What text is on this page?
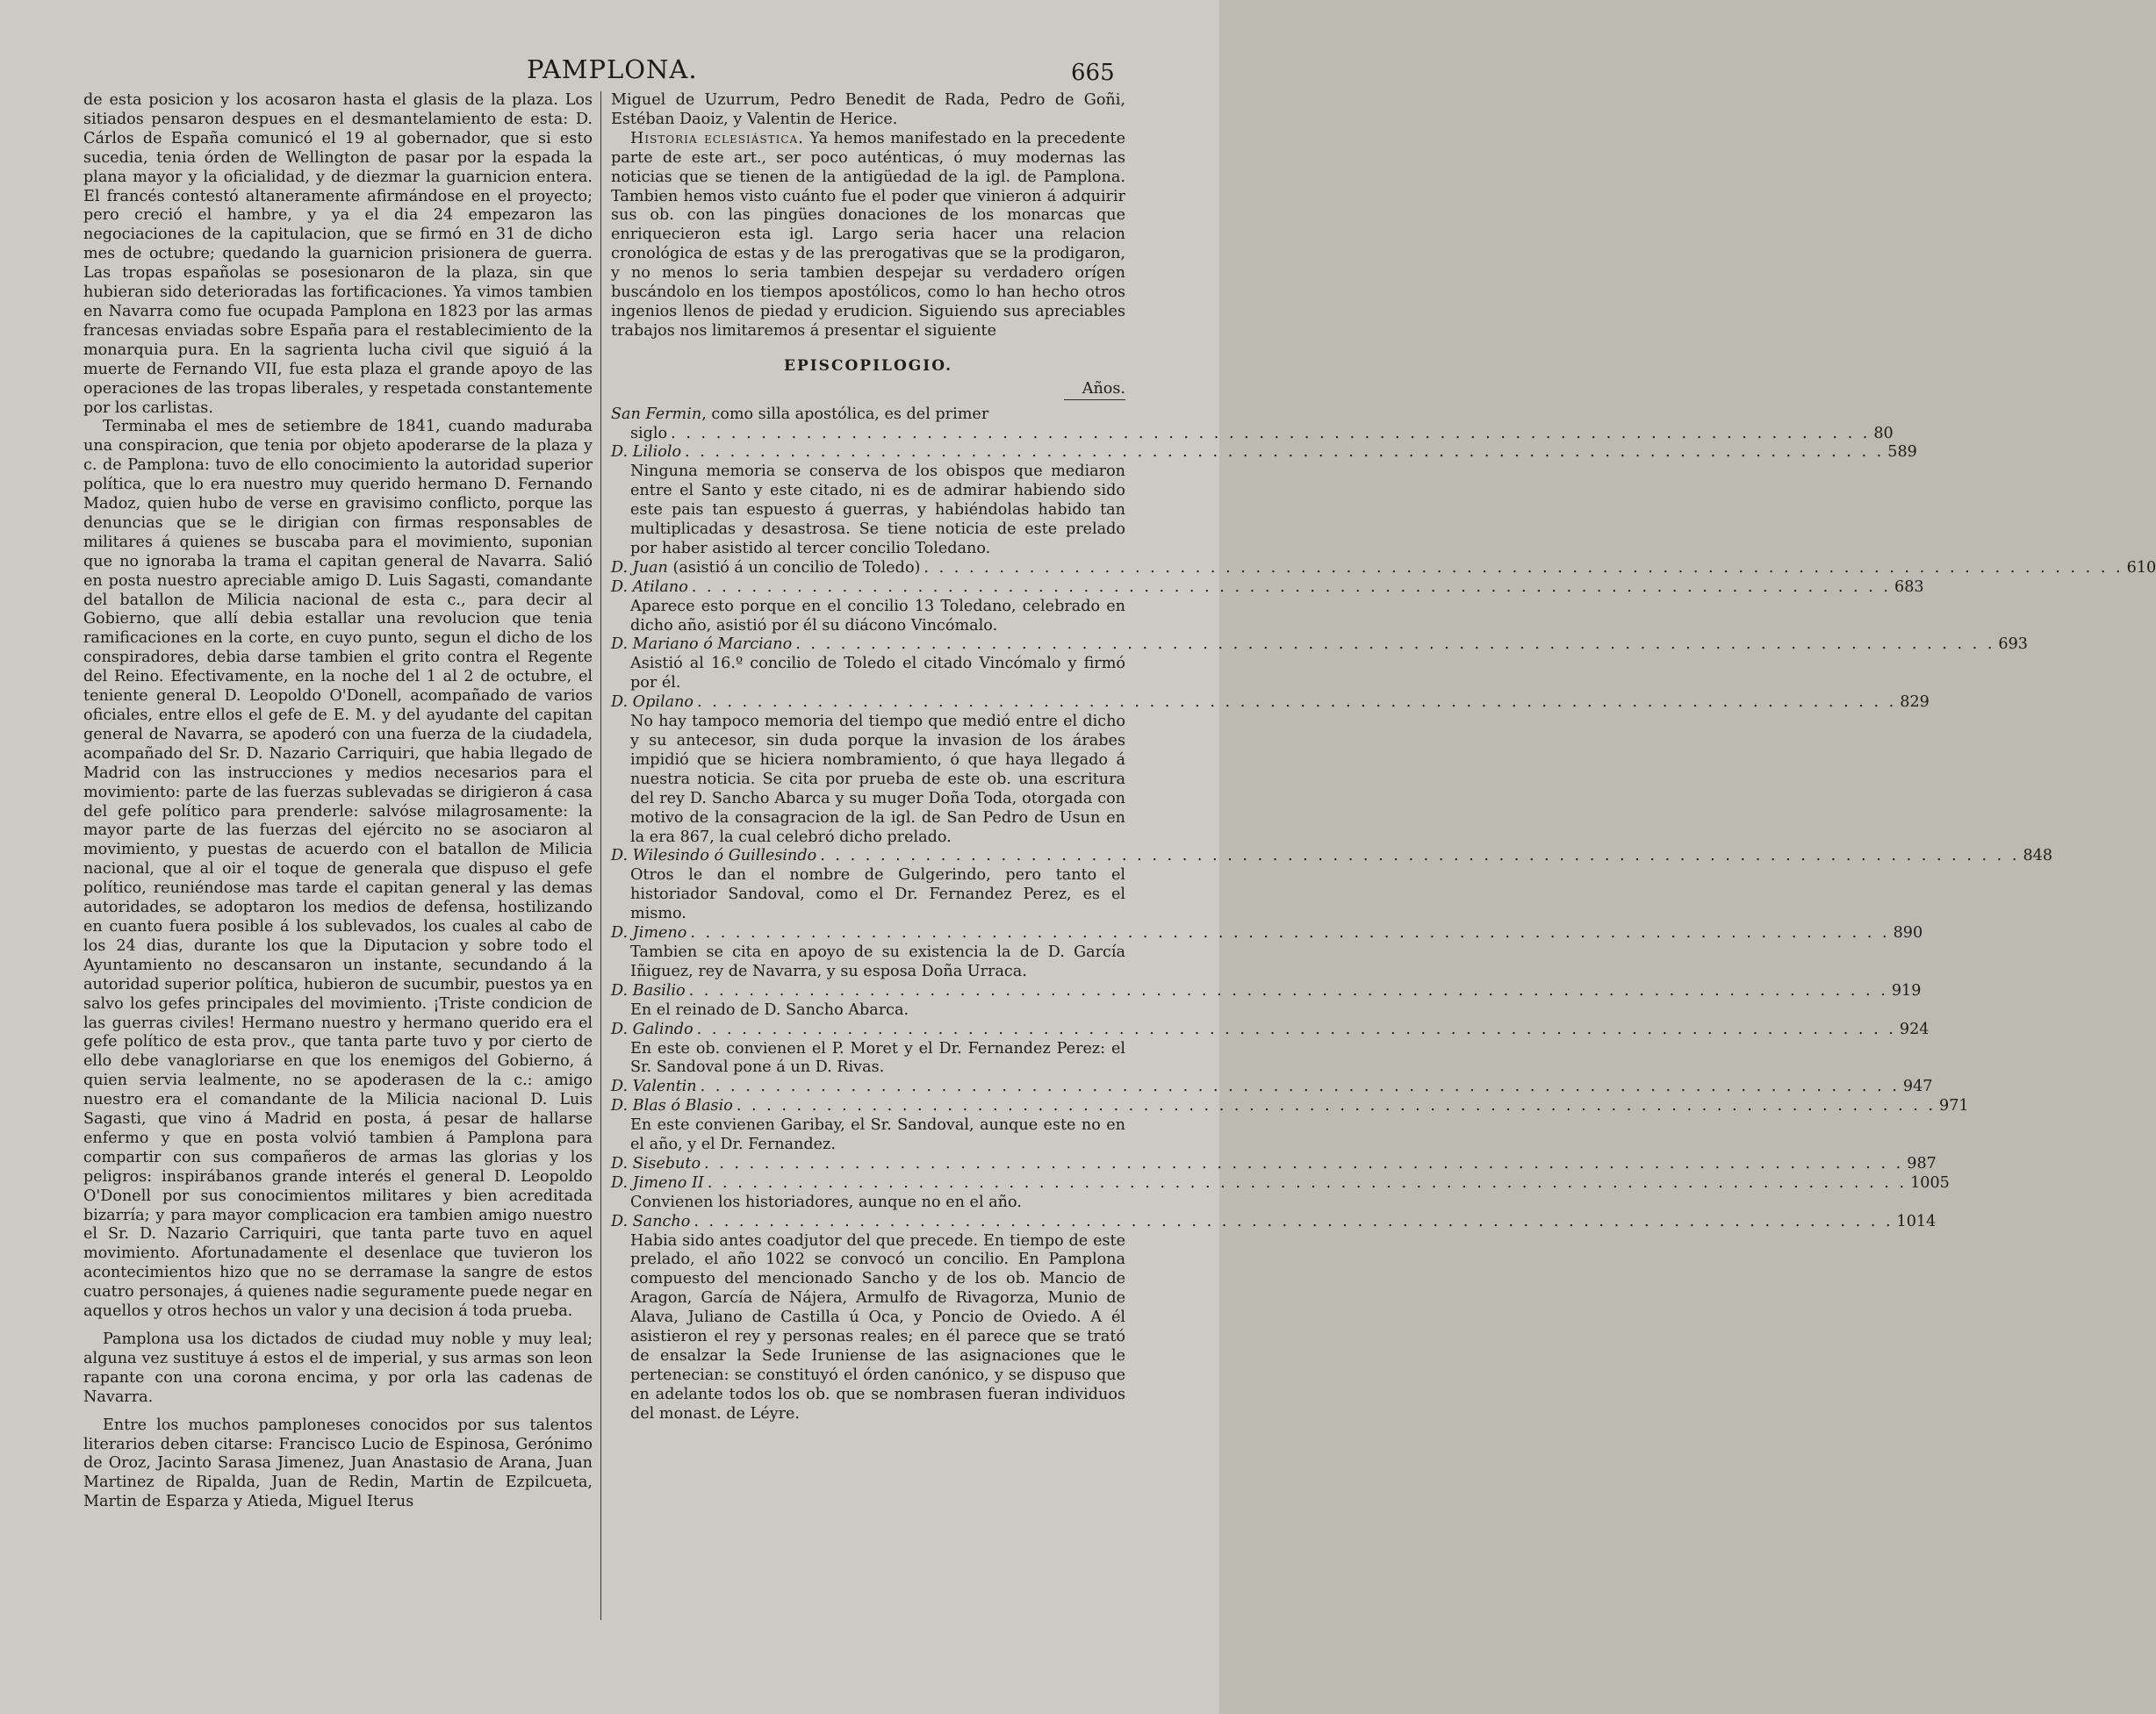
PAMPLONA.	665

de esta posicion y los acosaron hasta el glasis de la plaza. Los sitiados pensaron despues en el desmantelamiento de esta: D. Cárlos de España comunicó el 19 al gobernador, que si esto sucedia, tenia órden de Wellington de pasar por la espada la plana mayor y la oficialidad, y de diezmar la guarnicion entera. El francés contestó altaneramente afirmándose en el proyecto; pero creció el hambre, y ya el dia 24 empezaron las negociaciones de la capitulacion, que se firmó en 31 de dicho mes de octubre; quedando la guarnicion prisionera de guerra. Las tropas españolas se posesionaron de la plaza, sin que hubieran sido deterioradas las fortificaciones. Ya vimos tambien en Navarra como fue ocupada Pamplona en 1823 por las armas francesas enviadas sobre España para el restablecimiento de la monarquia pura. En la sagrienta lucha civil que siguió á la muerte de Fernando VII, fue esta plaza el grande apoyo de las operaciones de las tropas liberales, y respetada constantemente por los carlistas.

Terminaba el mes de setiembre de 1841, cuando maduraba una conspiracion, que tenia por objeto apoderarse de la plaza y c. de Pamplona: tuvo de ello conocimiento la autoridad superior política, que lo era nuestro muy querido hermano D. Fernando Madoz, quien hubo de verse en gravisimo conflicto, porque las denuncias que se le dirigian con firmas responsables de militares á quienes se buscaba para el movimiento, suponian que no ignoraba la trama el capitan general de Navarra. Salió en posta nuestro apreciable amigo D. Luis Sagasti, comandante del batallon de Milicia nacional de esta c., para decir al Gobierno, que allí debia estallar una revolucion que tenia ramificaciones en la corte, en cuyo punto, segun el dicho de los conspiradores, debia darse tambien el grito contra el Regente del Reino. Efectivamente, en la noche del 1 al 2 de octubre, el teniente general D. Leopoldo O'Donell, acompañado de varios oficiales, entre ellos el gefe de E. M. y del ayudante del capitan general de Navarra, se apoderó con una fuerza de la ciudadela, acompañado del Sr. D. Nazario Carriquiri, que habia llegado de Madrid con las instrucciones y medios necesarios para el movimiento: parte de las fuerzas sublevadas se dirigieron á casa del gefe político para prenderle: salvóse milagrosamente: la mayor parte de las fuerzas del ejército no se asociaron al movimiento, y puestas de acuerdo con el batallon de Milicia nacional, que al oir el toque de generala que dispuso el gefe político, reuniéndose mas tarde el capitan general y las demas autoridades, se adoptaron los medios de defensa, hostilizando en cuanto fuera posible á los sublevados, los cuales al cabo de los 24 dias, durante los que la Diputacion y sobre todo el Ayuntamiento no descansaron un instante, secundando á la autoridad superior política, hubieron de sucumbir, puestos ya en salvo los gefes principales del movimiento. ¡Triste condicion de las guerras civiles! Hermano nuestro y hermano querido era el gefe político de esta prov., que tanta parte tuvo y por cierto de ello debe vanagloriarse en que los enemigos del Gobierno, á quien servia lealmente, no se apoderasen de la c.: amigo nuestro era el comandante de la Milicia nacional D. Luis Sagasti, que vino á Madrid en posta, á pesar de hallarse enfermo y que en posta volvió tambien á Pamplona para compartir con sus compañeros de armas las glorias y los peligros: inspirábanos grande interés el general D. Leopoldo O'Donell por sus conocimientos militares y bien acreditada bizarría; y para mayor complicacion era tambien amigo nuestro el Sr. D. Nazario Carriquiri, que tanta parte tuvo en aquel movimiento. Afortunadamente el desenlace que tuvieron los acontecimientos hizo que no se derramase la sangre de estos cuatro personajes, á quienes nadie seguramente puede negar en aquellos y otros hechos un valor y una decision á toda prueba.

Pamplona usa los dictados de ciudad muy noble y muy leal; alguna vez sustituye á estos el de imperial, y sus armas son leon rapante con una corona encima, y por orla las cadenas de Navarra.

Entre los muchos pamploneses conocidos por sus talentos literarios deben citarse: Francisco Lucio de Espinosa, Gerónimo de Oroz, Jacinto Sarasa Jimenez, Juan Anastasio de Arana, Juan Martinez de Ripalda, Juan de Redin, Martin de Ezpilcueta, Martin de Esparza y Atieda, Miguel Iterus

Miguel de Uzurrum, Pedro Benedit de Rada, Pedro de Goñi, Estéban Daoiz, y Valentin de Herice.

Historia eclesiástica. Ya hemos manifestado en la precedente parte de este art., ser poco auténticas, ó muy modernas las noticias que se tienen de la antigüedad de la igl. de Pamplona. Tambien hemos visto cuánto fue el poder que vinieron á adquirir sus ob. con las pingües donaciones de los monarcas que enriquecieron esta igl. Largo seria hacer una relacion cronológica de estas y de las prerogativas que se la prodigaron, y no menos lo seria tambien despejar su verdadero orígen buscándolo en los tiempos apostólicos, como lo han hecho otros ingenios llenos de piedad y erudicion. Siguiendo sus apreciables trabajos nos limitaremos á presentar el siguiente

EPISCOPILOGIO.
Años.
San Fermin, como silla apostólica, es del primer
siglo . . . . . . . . . . . . . . . . . . . . . . . . . . . . . . . . . . . . . . . . . . . . . . . . . . . . . . . . . . . . . . . . . . . . . . . . . . . . . . . . 80
D. Liliolo . . . . . . . . . . . . . . . . . . . . . . . . . . . . . . . . . . . . . . . . . . . . . . . . . . . . . . . . . . . . . . . . . . . . . . . . . . . . . . . . 589
Ninguna memoria se conserva de los obispos que mediaron entre el Santo y este citado, ni es de admirar habiendo sido este pais tan espuesto á guerras, y habiéndolas habido tan multiplicadas y desastrosa. Se tiene noticia de este prelado por haber asistido al tercer concilio Toledano.
D. Juan (asistió á un concilio de Toledo) . . . . . . . . . . . . . . . . . . . . . . . . . . . . . . . . . . . . . . . . . . . . . . . . . . . . . . . . . . . . . . . . . . . . . . . . . . . . . . . . 610
D. Atilano . . . . . . . . . . . . . . . . . . . . . . . . . . . . . . . . . . . . . . . . . . . . . . . . . . . . . . . . . . . . . . . . . . . . . . . . . . . . . . . . 683
Aparece esto porque en el concilio 13 Toledano, celebrado en dicho año, asistió por él su diácono Vincómalo.
D. Mariano ó Marciano . . . . . . . . . . . . . . . . . . . . . . . . . . . . . . . . . . . . . . . . . . . . . . . . . . . . . . . . . . . . . . . . . . . . . . . . . . . . . . . . 693
Asistió al 16.º concilio de Toledo el citado Vincómalo y firmó por él.
D. Opilano . . . . . . . . . . . . . . . . . . . . . . . . . . . . . . . . . . . . . . . . . . . . . . . . . . . . . . . . . . . . . . . . . . . . . . . . . . . . . . . . 829
No hay tampoco memoria del tiempo que medió entre el dicho y su antecesor, sin duda porque la invasion de los árabes impidió que se hiciera nombramiento, ó que haya llegado á nuestra noticia. Se cita por prueba de este ob. una escritura del rey D. Sancho Abarca y su muger Doña Toda, otorgada con motivo de la consagracion de la igl. de San Pedro de Usun en la era 867, la cual celebró dicho prelado.
D. Wilesindo ó Guillesindo . . . . . . . . . . . . . . . . . . . . . . . . . . . . . . . . . . . . . . . . . . . . . . . . . . . . . . . . . . . . . . . . . . . . . . . . . . . . . . . . 848
Otros le dan el nombre de Gulgerindo, pero tanto el historiador Sandoval, como el Dr. Fernandez Perez, es el mismo.
D. Jimeno . . . . . . . . . . . . . . . . . . . . . . . . . . . . . . . . . . . . . . . . . . . . . . . . . . . . . . . . . . . . . . . . . . . . . . . . . . . . . . . . 890
Tambien se cita en apoyo de su existencia la de D. García Iñiguez, rey de Navarra, y su esposa Doña Urraca.
D. Basilio . . . . . . . . . . . . . . . . . . . . . . . . . . . . . . . . . . . . . . . . . . . . . . . . . . . . . . . . . . . . . . . . . . . . . . . . . . . . . . . . 919
En el reinado de D. Sancho Abarca.
D. Galindo . . . . . . . . . . . . . . . . . . . . . . . . . . . . . . . . . . . . . . . . . . . . . . . . . . . . . . . . . . . . . . . . . . . . . . . . . . . . . . . . 924
En este ob. convienen el P. Moret y el Dr. Fernandez Perez: el Sr. Sandoval pone á un D. Rivas.
D. Valentin . . . . . . . . . . . . . . . . . . . . . . . . . . . . . . . . . . . . . . . . . . . . . . . . . . . . . . . . . . . . . . . . . . . . . . . . . . . . . . . . 947
D. Blas ó Blasio . . . . . . . . . . . . . . . . . . . . . . . . . . . . . . . . . . . . . . . . . . . . . . . . . . . . . . . . . . . . . . . . . . . . . . . . . . . . . . . . 971
En este convienen Garibay, el Sr. Sandoval, aunque este no en el año, y el Dr. Fernandez.
D. Sisebuto . . . . . . . . . . . . . . . . . . . . . . . . . . . . . . . . . . . . . . . . . . . . . . . . . . . . . . . . . . . . . . . . . . . . . . . . . . . . . . . . 987
D. Jimeno II . . . . . . . . . . . . . . . . . . . . . . . . . . . . . . . . . . . . . . . . . . . . . . . . . . . . . . . . . . . . . . . . . . . . . . . . . . . . . . . . 1005
Convienen los historiadores, aunque no en el año.
D. Sancho . . . . . . . . . . . . . . . . . . . . . . . . . . . . . . . . . . . . . . . . . . . . . . . . . . . . . . . . . . . . . . . . . . . . . . . . . . . . . . . . 1014
Habia sido antes coadjutor del que precede. En tiempo de este prelado, el año 1022 se convocó un concilio. En Pamplona compuesto del mencionado Sancho y de los ob. Mancio de Aragon, García de Nájera, Armulfo de Rivagorza, Munio de Alava, Juliano de Castilla ú Oca, y Poncio de Oviedo. A él asistieron el rey y personas reales; en él parece que se trató de ensalzar la Sede Iruniense de las asignaciones que le pertenecian: se constituyó el órden canónico, y se dispuso que en adelante todos los ob. que se nombrasen fueran individuos del monast. de Léyre.
